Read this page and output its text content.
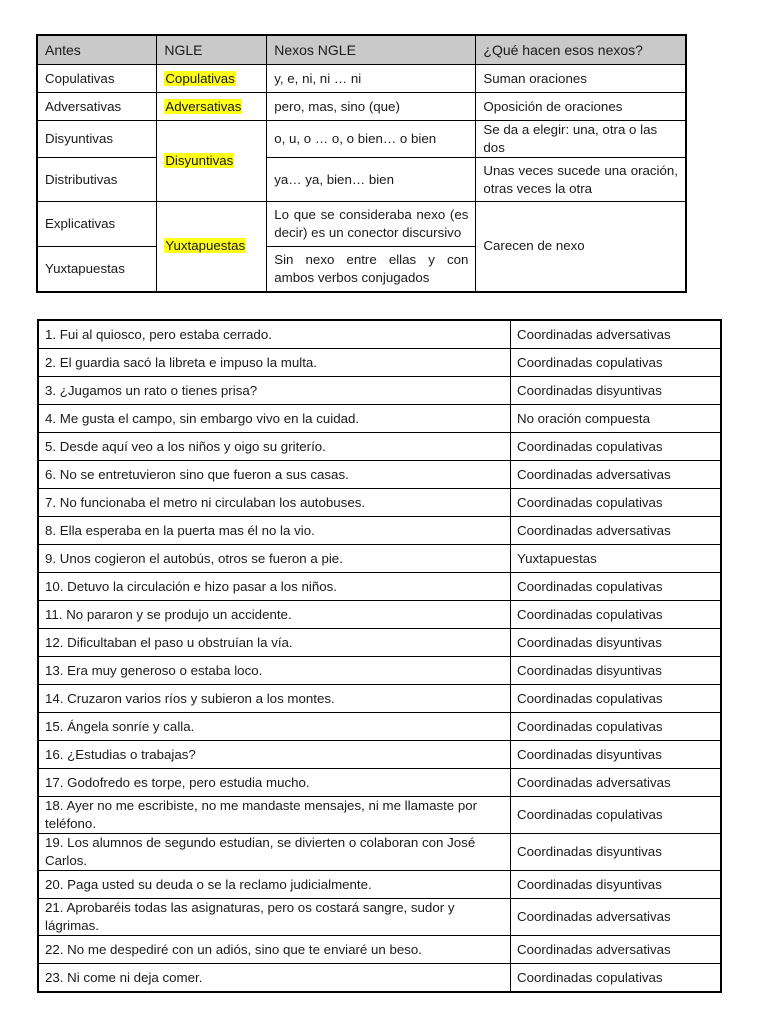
Antes	NGLE	Nexos NGLE	¿Qué hacen esos nexos?
Copulativas	Copulativas	y, e, ni, ni … ni	Suman oraciones
Adversativas	Adversativas	pero, mas, sino (que)	Oposición de oraciones
Disyuntivas	Disyuntivas	o, u, o … o, o bien… o bien	Se da a elegir: una, otra o las dos
Distributivas		ya… ya, bien… bien	Unas veces sucede una oración, otras veces la otra
Explicativas	Yuxtapuestas	Lo que se consideraba nexo (es decir) es un conector discursivo	Carecen de nexo
Yuxtapuestas		Sin nexo entre ellas y con ambos verbos conjugados	
1. Fui al quiosco, pero estaba cerrado.	Coordinadas adversativas
2. El guardia sacó la libreta e impuso la multa.	Coordinadas copulativas
3. ¿Jugamos un rato o tienes prisa?	Coordinadas disyuntivas
4. Me gusta el campo, sin embargo vivo en la cuidad.	No oración compuesta
5. Desde aquí veo a los niños y oigo su griterío.	Coordinadas copulativas
6. No se entretuvieron sino que fueron a sus casas.	Coordinadas adversativas
7. No funcionaba el metro ni circulaban los autobuses.	Coordinadas copulativas
8. Ella esperaba en la puerta mas él no la vio.	Coordinadas adversativas
9. Unos cogieron el autobús, otros se fueron a pie.	Yuxtapuestas
10. Detuvo la circulación e hizo pasar a los niños.	Coordinadas copulativas
11. No pararon y se produjo un accidente.	Coordinadas copulativas
12. Dificultaban el paso u obstruían la vía.	Coordinadas disyuntivas
13. Era muy generoso o estaba loco.	Coordinadas disyuntivas
14. Cruzaron varios ríos y subieron a los montes.	Coordinadas copulativas
15. Ángela sonríe y calla.	Coordinadas copulativas
16. ¿Estudias o trabajas?	Coordinadas disyuntivas
17. Godofredo es torpe, pero estudia mucho.	Coordinadas adversativas
18. Ayer no me escribiste, no me mandaste mensajes, ni me llamaste por teléfono.	Coordinadas copulativas
19. Los alumnos de segundo estudian, se divierten o colaboran con José Carlos.	Coordinadas disyuntivas
20. Paga usted su deuda o se la reclamo judicialmente.	Coordinadas disyuntivas
21. Aprobaréis todas las asignaturas, pero os costará sangre, sudor y lágrimas.	Coordinadas adversativas
22. No me despediré con un adiós, sino que te enviaré un beso.	Coordinadas adversativas
23. Ni come ni deja comer.	Coordinadas copulativas
